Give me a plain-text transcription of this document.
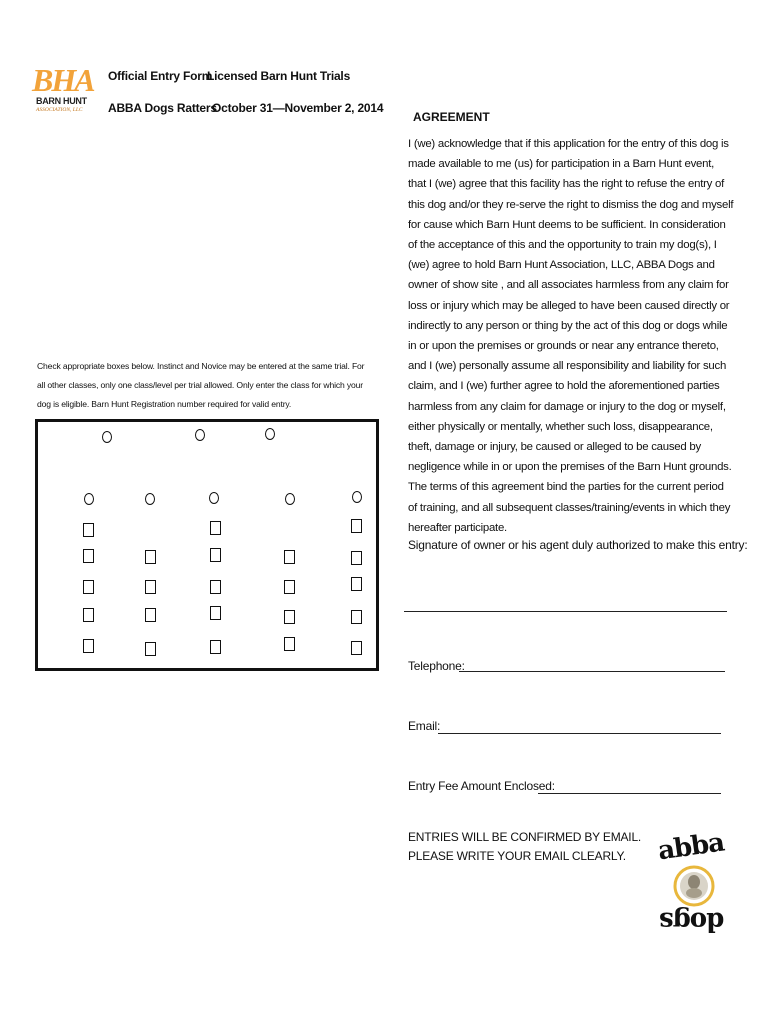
BHA
BARN HUNT
ASSOCIATION, LLC
Official Entry Form
Licensed Barn Hunt Trials
ABBA Dogs Ratters
October 31—November 2, 2014
AGREEMENT
I (we) acknowledge that if this application for the entry of this dog is made available to me (us) for participation in a Barn Hunt event, that I (we) agree that this facility has the right to refuse the entry of this dog and/or they re-serve the right to dismiss the dog and myself for cause which Barn Hunt deems to be sufficient. In consideration of the acceptance of this and the opportunity to train my dog(s), I (we) agree to hold Barn Hunt Association, LLC, ABBA Dogs and owner of show site , and all associates harmless from any claim for loss or injury which may be alleged to have been caused directly or indirectly to any person or thing by the act of this dog or dogs while in or upon the premises or grounds or near any entrance thereto, and I (we) personally assume all responsibility and liability for such claim, and I (we) further agree to hold the aforementioned parties harmless from any claim for damage or injury to the dog or myself, either physically or mentally, whether such loss, disappearance, theft, damage or injury, be caused or alleged to be caused by negligence while in or upon the premises of the Barn Hunt grounds. The terms of this agreement bind the parties for the current period of training, and all subsequent classes/training/events in which they hereafter participate.
Check appropriate boxes below. Instinct and Novice may be entered at the same trial. For all other classes, only one class/level per trial allowed. Only enter the class for which your dog is eligible. Barn Hunt Registration number required for valid entry.
Signature of owner or his agent duly authorized to make this entry:
Telephone:
Email:
Entry Fee Amount Enclosed:
ENTRIES WILL BE CONFIRMED BY EMAIL.
PLEASE WRITE YOUR EMAIL CLEARLY. abba
dogs
